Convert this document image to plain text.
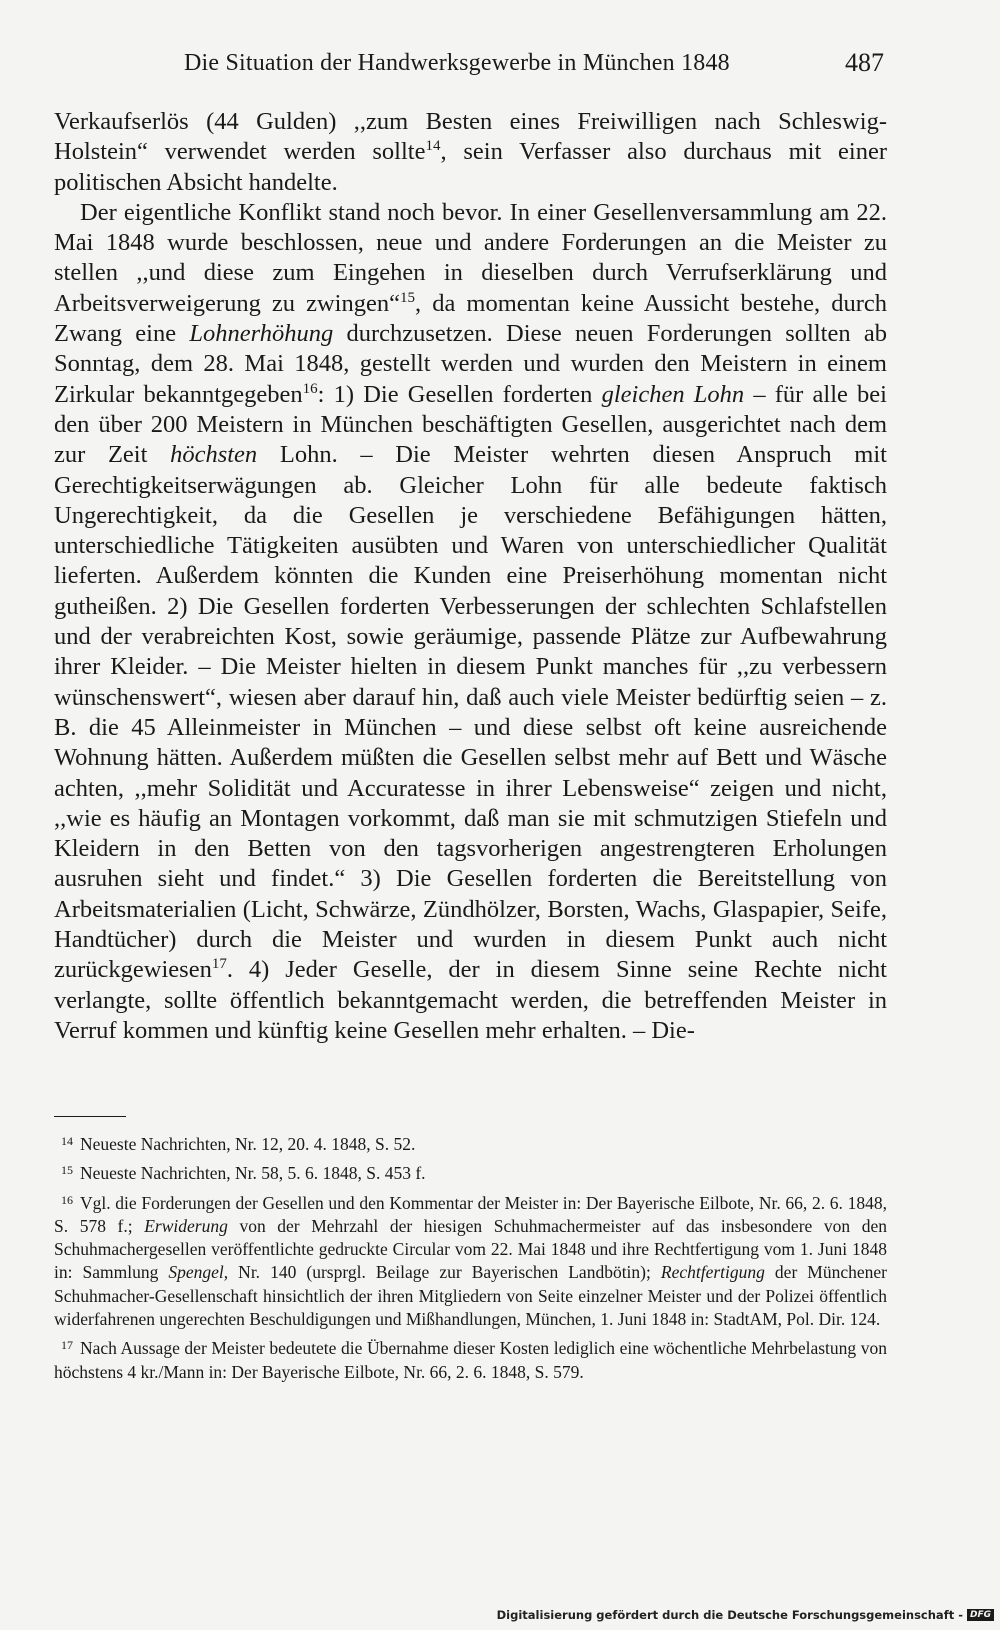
Die Situation der Handwerksgewerbe in München 1848	487

Verkaufserlös (44 Gulden) ,,zum Besten eines Freiwilligen nach Schleswig-Holstein“ verwendet werden sollte$^{14}$, sein Verfasser also durchaus mit einer politischen Absicht handelte.

Der eigentliche Konflikt stand noch bevor. In einer Gesellenversammlung am 22. Mai 1848 wurde beschlossen, neue und andere Forderungen an die Meister zu stellen ,,und diese zum Eingehen in dieselben durch Verrufserklärung und Arbeitsverweigerung zu zwingen“$^{15}$, da momentan keine Aussicht bestehe, durch Zwang eine Lohnerhöhung durchzusetzen. Diese neuen Forderungen sollten ab Sonntag, dem 28. Mai 1848, gestellt werden und wurden den Meistern in einem Zirkular bekanntgegeben$^{16}$: 1) Die Gesellen forderten gleichen Lohn – für alle bei den über 200 Meistern in München beschäftigten Gesellen, ausgerichtet nach dem zur Zeit höchsten Lohn. – Die Meister wehrten diesen Anspruch mit Gerechtigkeitserwägungen ab. Gleicher Lohn für alle bedeute faktisch Ungerechtigkeit, da die Gesellen je verschiedene Befähigungen hätten, unterschiedliche Tätigkeiten ausübten und Waren von unterschiedlicher Qualität lieferten. Außerdem könnten die Kunden eine Preiserhöhung momentan nicht gutheißen. 2) Die Gesellen forderten Verbesserungen der schlechten Schlafstellen und der verabreichten Kost, sowie geräumige, passende Plätze zur Aufbewahrung ihrer Kleider. – Die Meister hielten in diesem Punkt manches für ,,zu verbessern wünschenswert“, wiesen aber darauf hin, daß auch viele Meister bedürftig seien – z. B. die 45 Alleinmeister in München – und diese selbst oft keine ausreichende Wohnung hätten. Außerdem müßten die Gesellen selbst mehr auf Bett und Wäsche achten, ,,mehr Solidität und Accuratesse in ihrer Lebensweise“ zeigen und nicht, ,,wie es häufig an Montagen vorkommt, daß man sie mit schmutzigen Stiefeln und Kleidern in den Betten von den tagsvorherigen angestrengteren Erholungen ausruhen sieht und findet.“ 3) Die Gesellen forderten die Bereitstellung von Arbeitsmaterialien (Licht, Schwärze, Zündhölzer, Borsten, Wachs, Glaspapier, Seife, Handtücher) durch die Meister und wurden in diesem Punkt auch nicht zurückgewiesen$^{17}$. 4) Jeder Geselle, der in diesem Sinne seine Rechte nicht verlangte, sollte öffentlich bekanntgemacht werden, die betreffenden Meister in Verruf kommen und künftig keine Gesellen mehr erhalten. – Die-

14 Neueste Nachrichten, Nr. 12, 20. 4. 1848, S. 52.

15 Neueste Nachrichten, Nr. 58, 5. 6. 1848, S. 453 f.

16 Vgl. die Forderungen der Gesellen und den Kommentar der Meister in: Der Bayerische Eilbote, Nr. 66, 2. 6. 1848, S. 578 f.; Erwiderung von der Mehrzahl der hiesigen Schuhmachermeister auf das insbesondere von den Schuhmachergesellen veröffentlichte gedruckte Circular vom 22. Mai 1848 und ihre Rechtfertigung vom 1. Juni 1848 in: Sammlung Spengel, Nr. 140 (ursprgl. Beilage zur Bayerischen Landbötin); Rechtfertigung der Münchener Schuhmacher-Gesellenschaft hinsichtlich der ihren Mitgliedern von Seite einzelner Meister und der Polizei öffentlich widerfahrenen ungerechten Beschuldigungen und Mißhandlungen, München, 1. Juni 1848 in: StadtAM, Pol. Dir. 124.

17 Nach Aussage der Meister bedeutete die Übernahme dieser Kosten lediglich eine wöchentliche Mehrbelastung von höchstens 4 kr./Mann in: Der Bayerische Eilbote, Nr. 66, 2. 6. 1848, S. 579.

Digitalisierung gefördert durch die Deutsche Forschungsgemeinschaft - DFG
